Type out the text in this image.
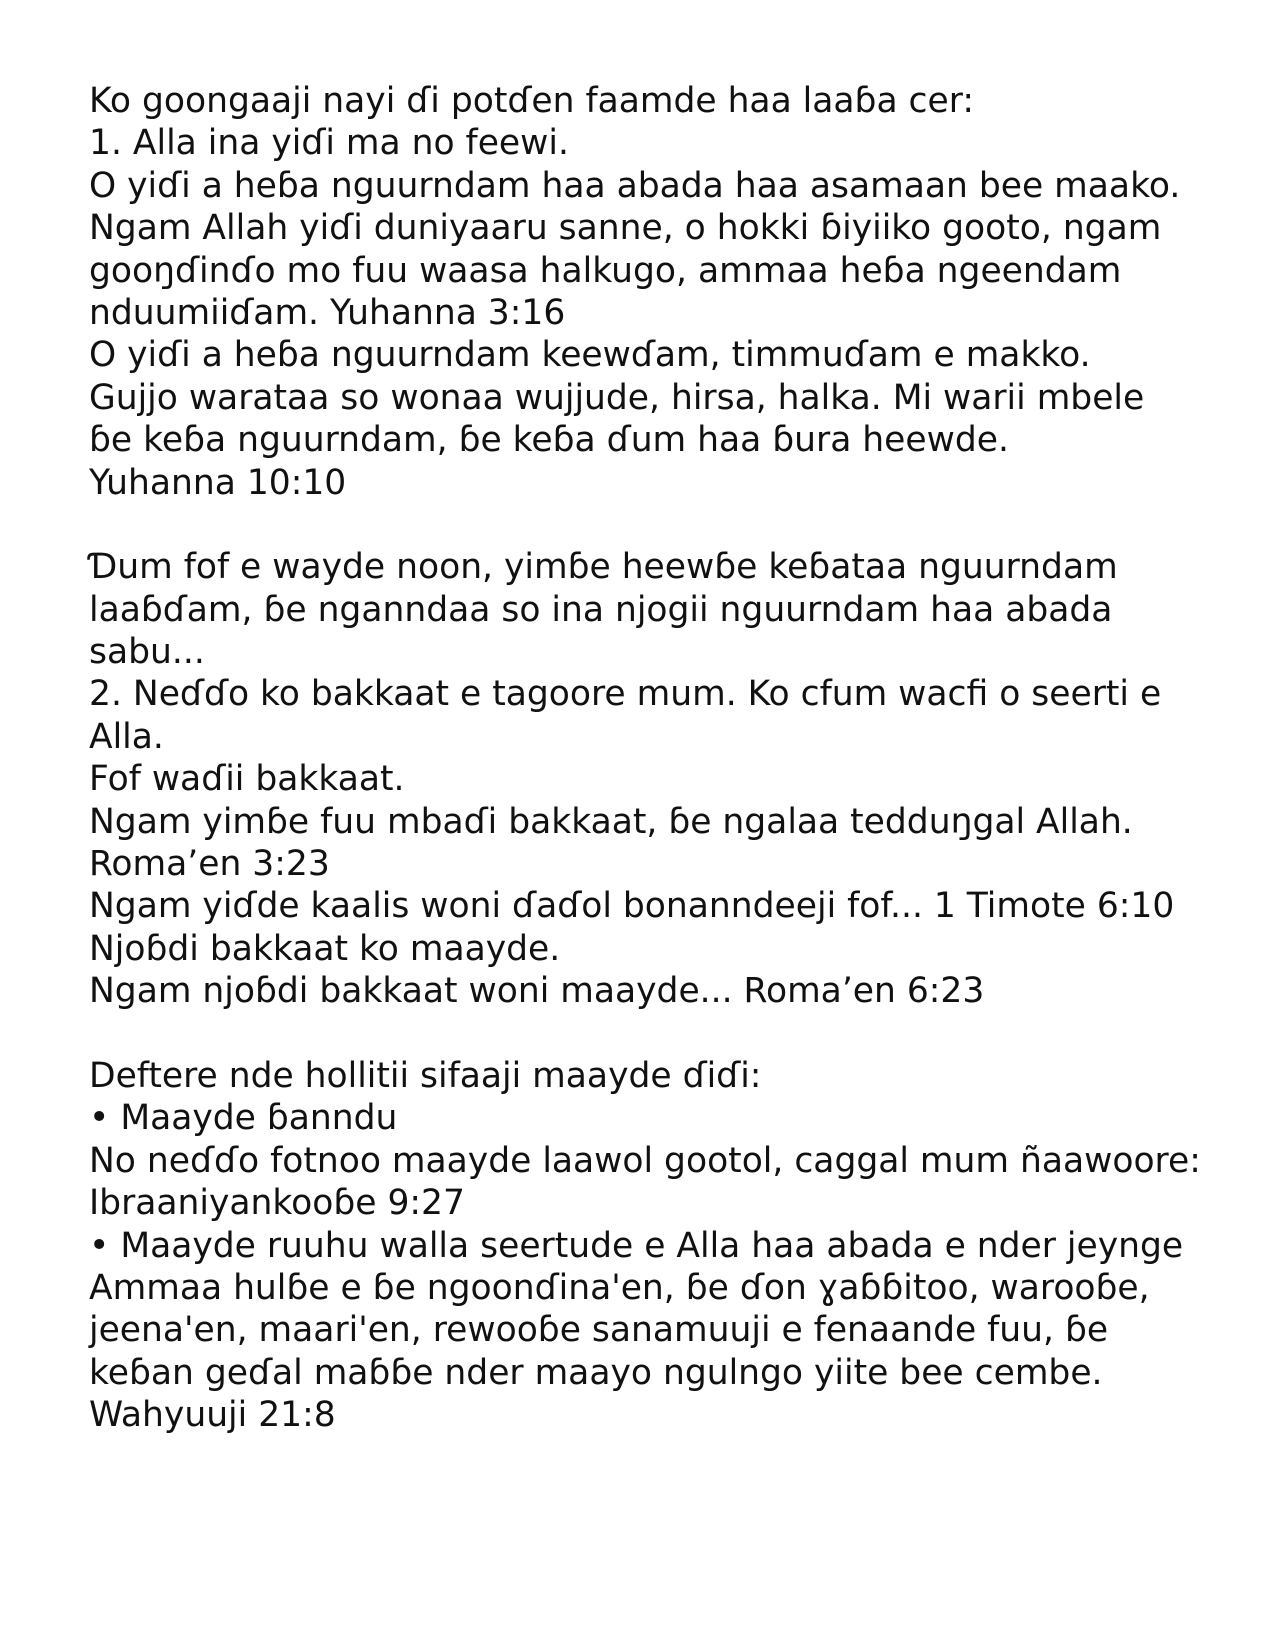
Ko goongaaji nayi ɗi potɗen faamde haa laaɓa cer:
1. Alla ina yiɗi ma no feewi.
O yiɗi a heɓa nguurndam haa abada haa asamaan bee maako.
Ngam Allah yiɗi duniyaaru sanne, o hokki ɓiyiiko gooto, ngam
gooŋɗinɗo mo fuu waasa halkugo, ammaa heɓa ngeendam
nduumiiɗam. Yuhanna 3:16
O yiɗi a heɓa nguurndam keewɗam, timmuɗam e makko.
Gujjo warataa so wonaa wujjude, hirsa, halka. Mi warii mbele
ɓe keɓa nguurndam, ɓe keɓa ɗum haa ɓura heewde.
Yuhanna 10:10
Ɗum fof e wayde noon, yimɓe heewɓe keɓataa nguurndam
laaɓɗam, ɓe nganndaa so ina njogii nguurndam haa abada
sabu...
2. Neɗɗo ko bakkaat e tagoore mum. Ko cfum wacfi o seerti e
Alla.
Fof waɗii bakkaat.
Ngam yimɓe fuu mbaɗi bakkaat, ɓe ngalaa tedduŋgal Allah.
Roma’en 3:23
Ngam yiɗde kaalis woni ɗaɗol bonanndeeji fof... 1 Timote 6:10
Njoɓdi bakkaat ko maayde.
Ngam njoɓdi bakkaat woni maayde... Roma’en 6:23
Deftere nde hollitii sifaaji maayde ɗiɗi:
• Maayde ɓanndu
No neɗɗo fotnoo maayde laawol gootol, caggal mum ñaawoore:
Ibraaniyankooɓe 9:27
• Maayde ruuhu walla seertude e Alla haa abada e nder jeynge
Ammaa hulɓe e ɓe ngoonɗina'en, ɓe ɗon ɣaɓɓitoo, warooɓe,
jeena'en, maari'en, rewooɓe sanamuuji e fenaande fuu, ɓe
keɓan geɗal maɓɓe nder maayo ngulngo yiite bee cembe.
Wahyuuji 21:8
